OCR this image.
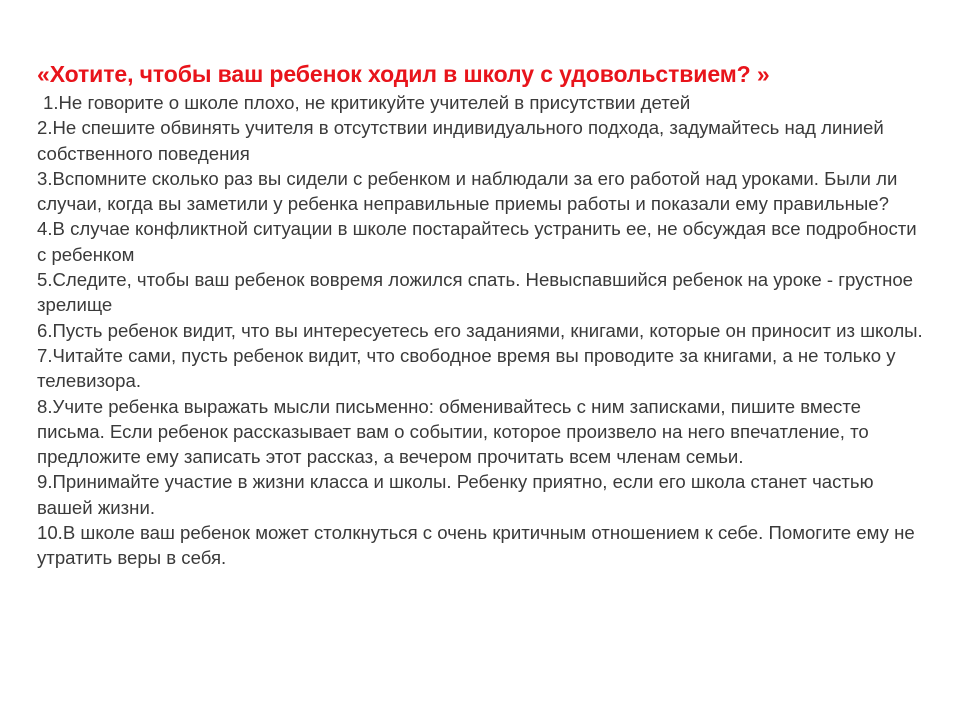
«Хотите, чтобы ваш ребенок ходил в школу с удовольствием? »

1.Не говорите о школе плохо, не критикуйте учителей в присутствии детей

2.Не спешите обвинять учителя в отсутствии индивидуального подхода, задумайтесь над линией собственного поведения

3.Вспомните сколько раз вы сидели с ребенком и наблюдали за его работой над уроками. Были ли случаи, когда вы заметили у ребенка неправильные приемы работы и показали ему правильные?

4.В случае конфликтной ситуации в школе постарайтесь устранить ее, не обсуждая все подробности с ребенком

5.Следите, чтобы ваш ребенок вовремя ложился спать. Невыспавшийся ребенок на уроке - грустное зрелище

6.Пусть ребенок видит, что вы интересуетесь его заданиями, книгами, которые он приносит из школы.

7.Читайте сами, пусть ребенок видит, что свободное время вы проводите за книгами, а не только у телевизора.

8.Учите ребенка выражать мысли письменно: обменивайтесь с ним записками, пишите вместе письма. Если ребенок рассказывает вам о событии, которое произвело на него впечатление, то предложите ему записать этот рассказ, а вечером прочитать всем членам семьи.

9.Принимайте участие в жизни класса и школы. Ребенку приятно, если его школа станет частью вашей жизни.

10.В школе ваш ребенок может столкнуться с очень критичным отношением к себе. Помогите ему не утратить веры в себя.
